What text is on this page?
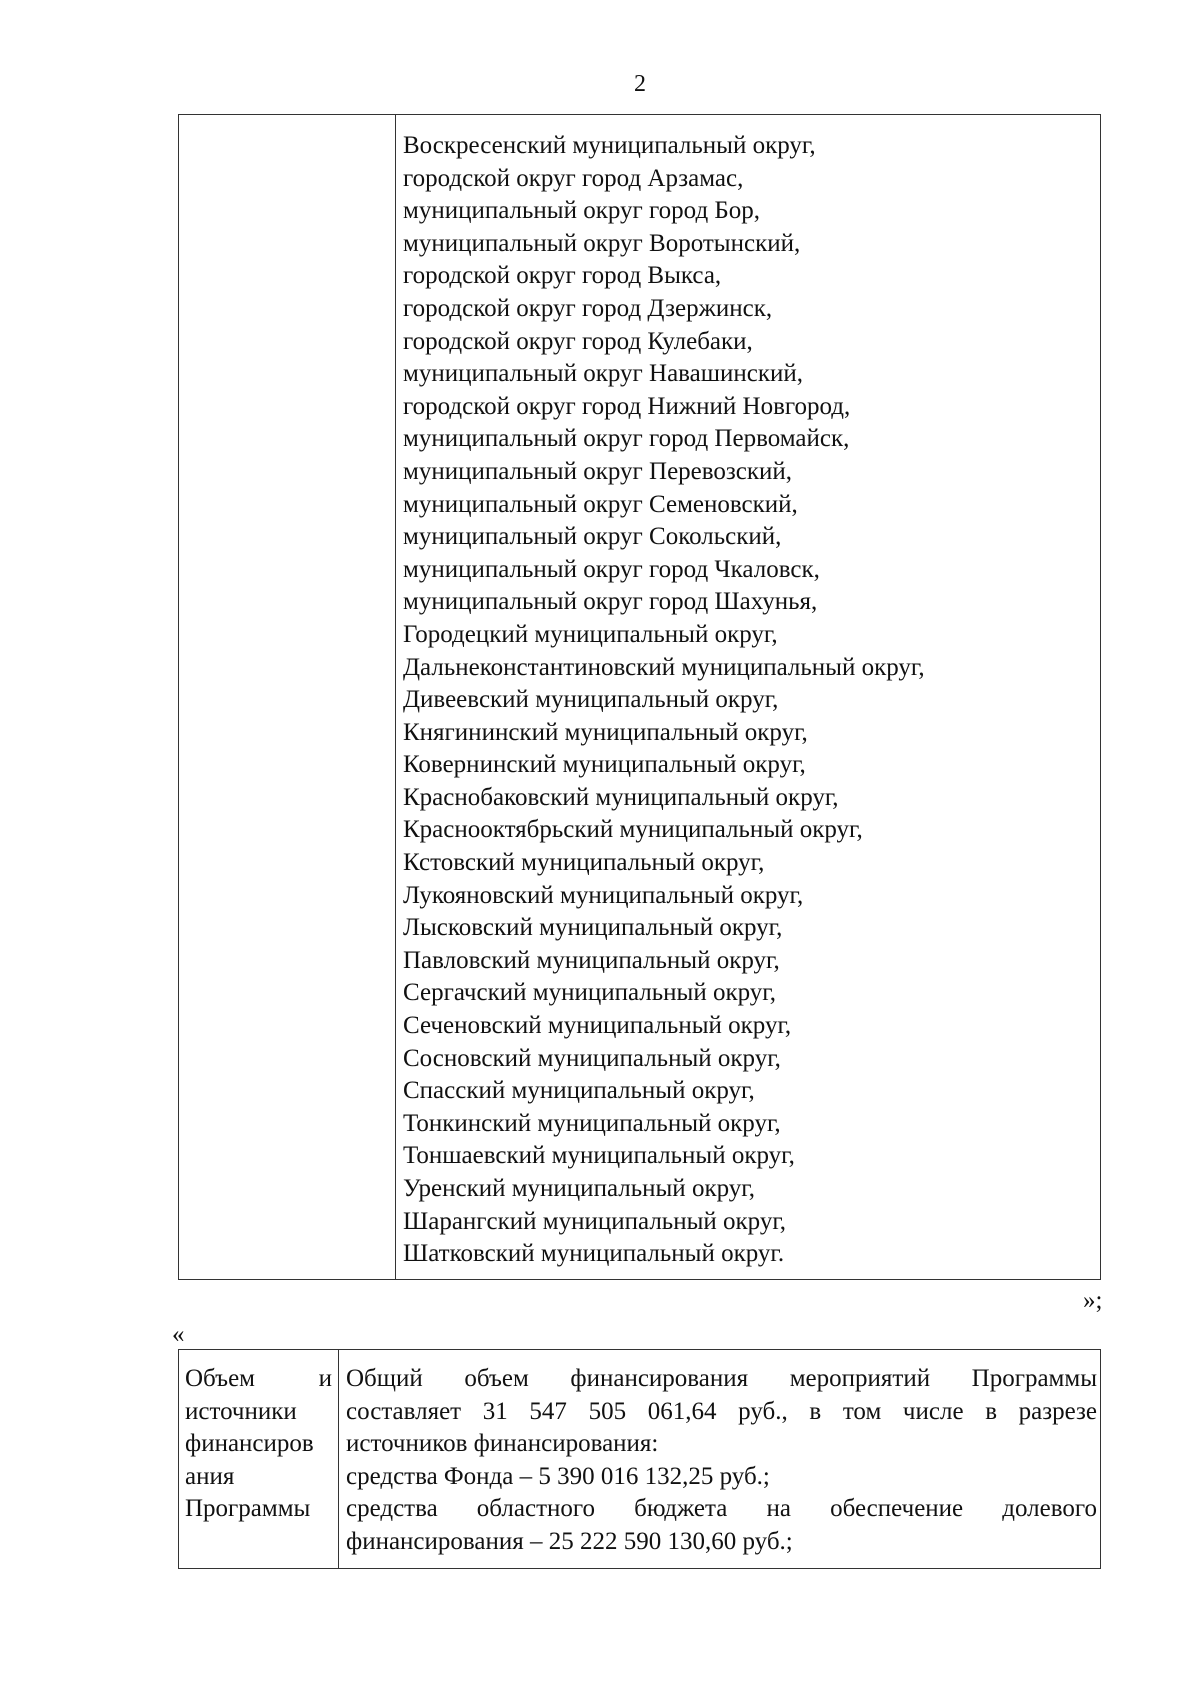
2
Воскресенский муниципальный округ,
городской округ город Арзамас,
муниципальный округ город Бор,
муниципальный округ Воротынский,
городской округ город Выкса,
городской округ город Дзержинск,
городской округ город Кулебаки,
муниципальный округ Навашинский,
городской округ город Нижний Новгород,
муниципальный округ город Первомайск,
муниципальный округ Перевозский,
муниципальный округ Семеновский,
муниципальный округ Сокольский,
муниципальный округ город Чкаловск,
муниципальный округ город Шахунья,
Городецкий муниципальный округ,
Дальнеконстантиновский муниципальный округ,
Дивеевский муниципальный округ,
Княгининский муниципальный округ,
Ковернинский муниципальный округ,
Краснобаковский муниципальный округ,
Краснооктябрьский муниципальный округ,
Кстовский муниципальный округ,
Лукояновский муниципальный округ,
Лысковский муниципальный округ,
Павловский муниципальный округ,
Сергачский муниципальный округ,
Сеченовский муниципальный округ,
Сосновский муниципальный округ,
Спасский муниципальный округ,
Тонкинский муниципальный округ,
Тоншаевский муниципальный округ,
Уренский муниципальный округ,
Шарангский муниципальный округ,
Шатковский муниципальный округ.
»;
«
Объем	и
источники
финансиров
ания
Программы
Общий объем финансирования мероприятий Программы
составляет 31 547 505 061,64 руб., в том числе в разрезе
источников финансирования:
средства Фонда – 5 390 016 132,25 руб.;
средства областного бюджета на обеспечение долевого
финансирования – 25 222 590 130,60 руб.;
